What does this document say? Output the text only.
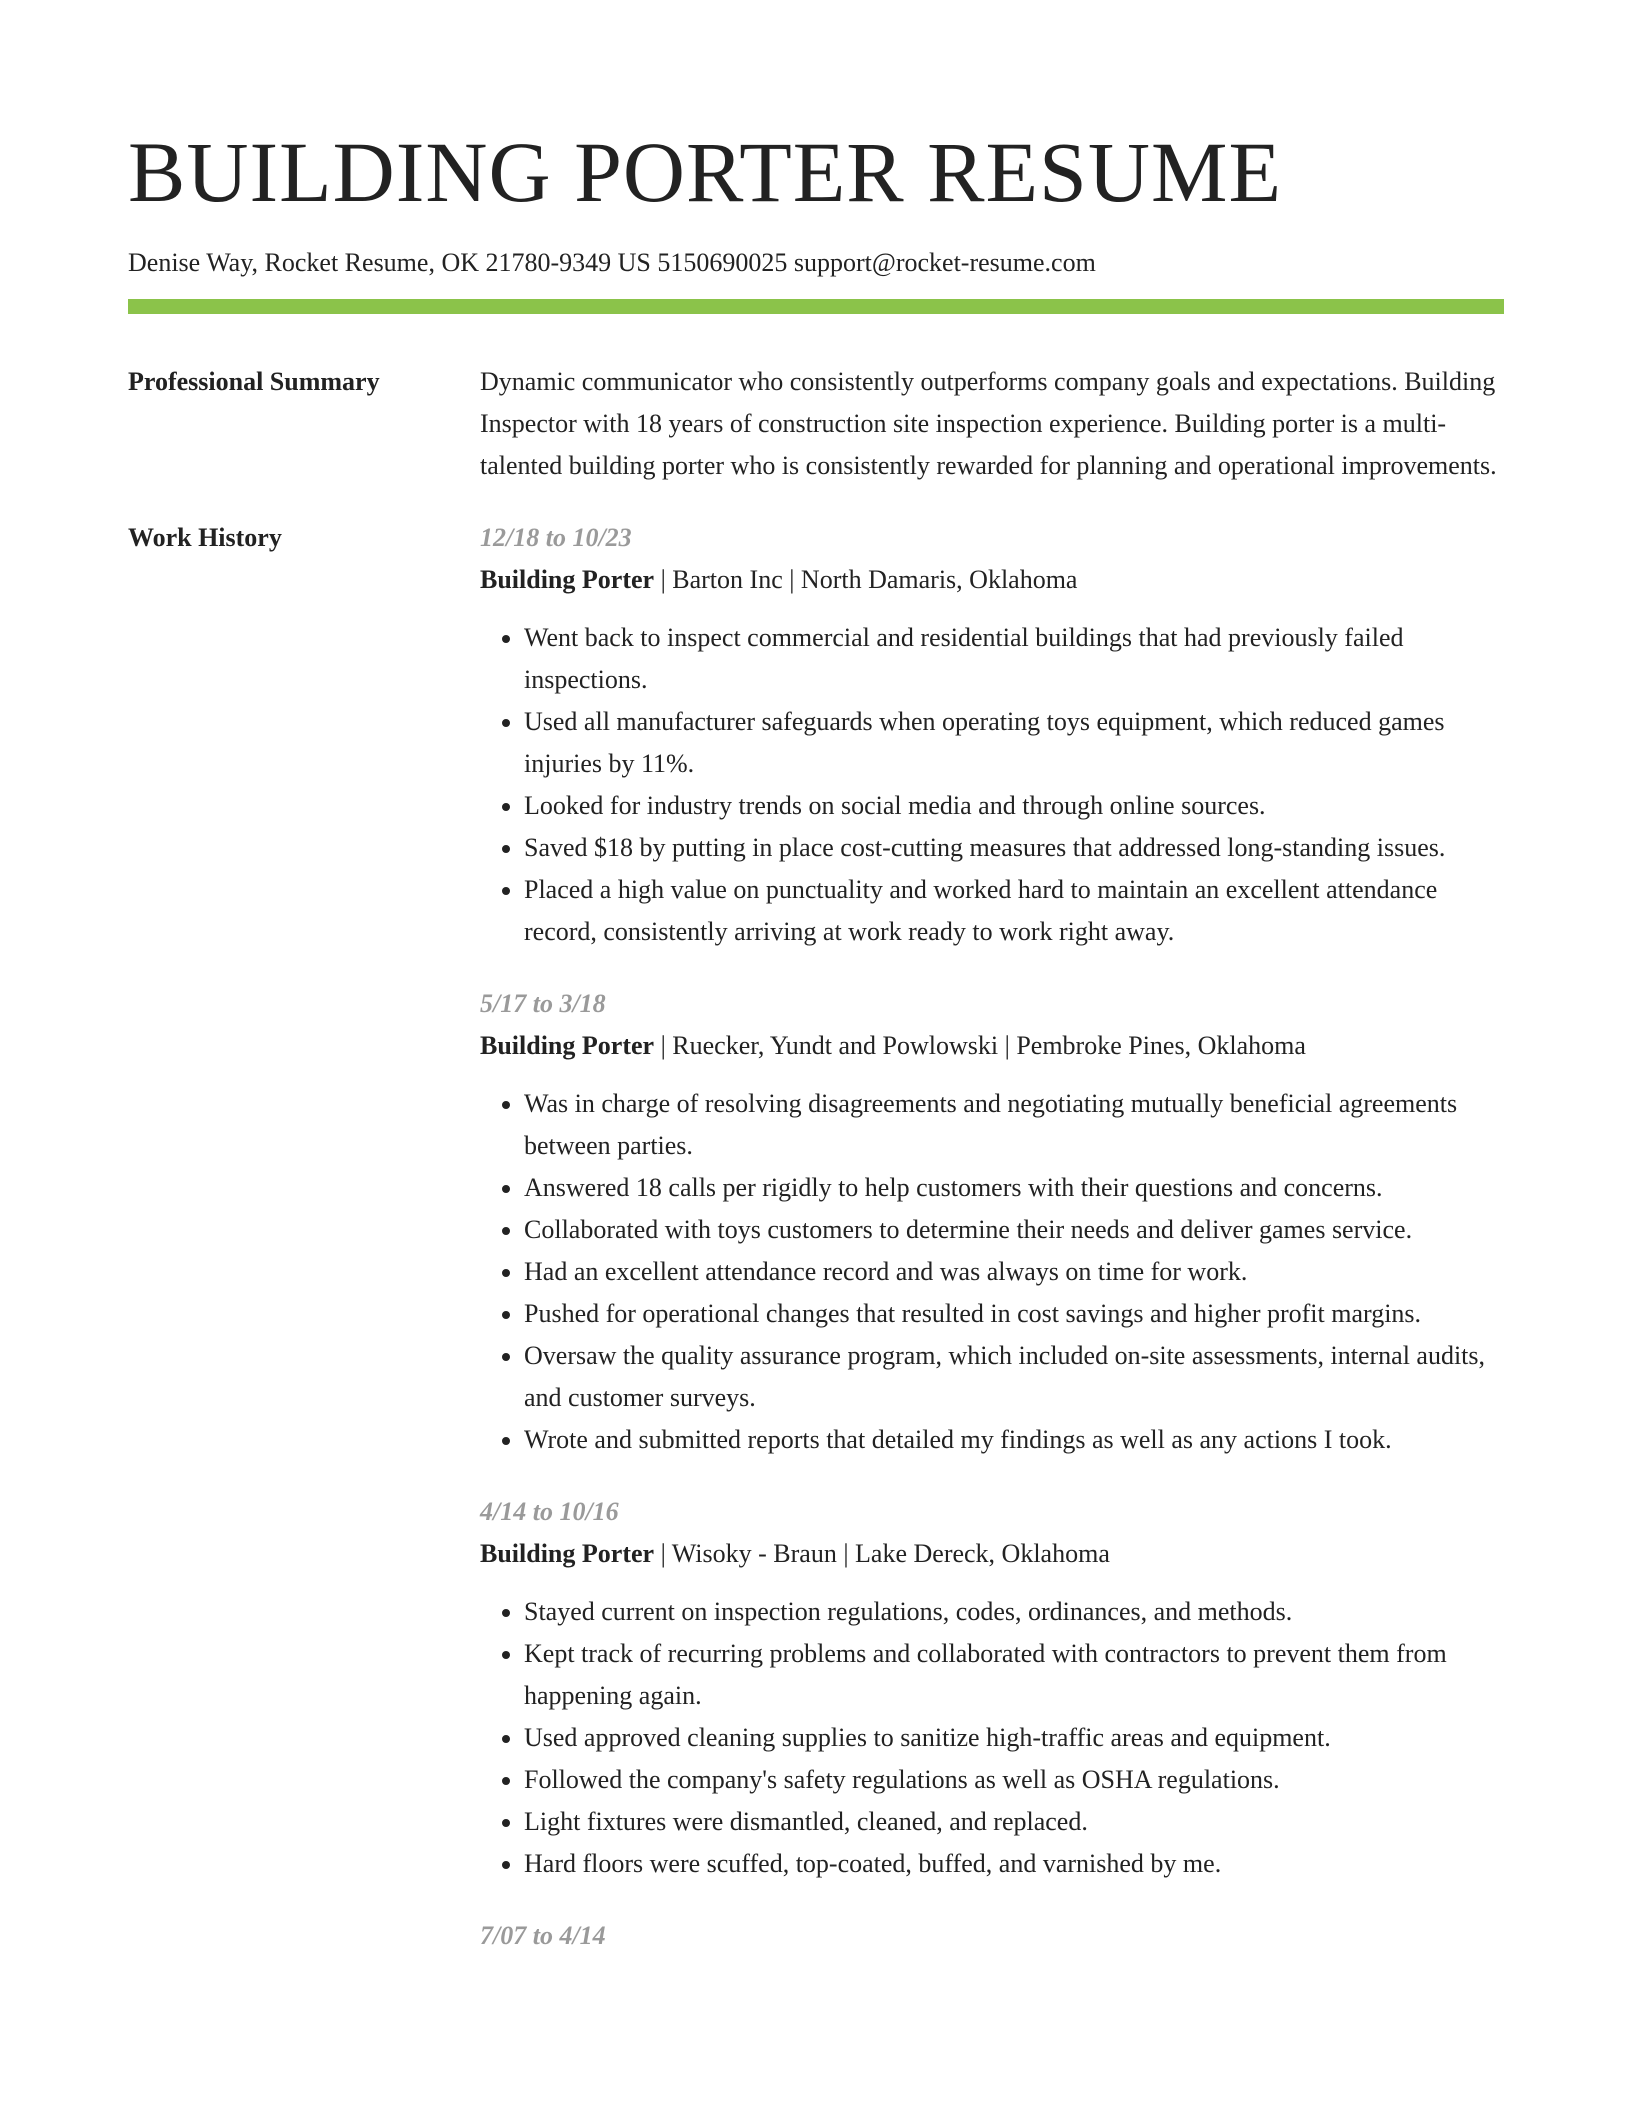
BUILDING PORTER RESUME
Denise Way, Rocket Resume, OK 21780-9349 US 5150690025 support@rocket-resume.com
Professional Summary	Dynamic communicator who consistently outperforms company goals and expectations. Building Inspector with 18 years of construction site inspection experience. Building porter is a multi-talented building porter who is consistently rewarded for planning and operational improvements.
Work History	12/18 to 10/23
Building Porter | Barton Inc | North Damaris, Oklahoma
• Went back to inspect commercial and residential buildings that had previously failed inspections.
• Used all manufacturer safeguards when operating toys equipment, which reduced games injuries by 11%.
• Looked for industry trends on social media and through online sources.
• Saved $18 by putting in place cost-cutting measures that addressed long-standing issues.
• Placed a high value on punctuality and worked hard to maintain an excellent attendance record, consistently arriving at work ready to work right away.
5/17 to 3/18
Building Porter | Ruecker, Yundt and Powlowski | Pembroke Pines, Oklahoma
• Was in charge of resolving disagreements and negotiating mutually beneficial agreements between parties.
• Answered 18 calls per rigidly to help customers with their questions and concerns.
• Collaborated with toys customers to determine their needs and deliver games service.
• Had an excellent attendance record and was always on time for work.
• Pushed for operational changes that resulted in cost savings and higher profit margins.
• Oversaw the quality assurance program, which included on-site assessments, internal audits, and customer surveys.
• Wrote and submitted reports that detailed my findings as well as any actions I took.
4/14 to 10/16
Building Porter | Wisoky - Braun | Lake Dereck, Oklahoma
• Stayed current on inspection regulations, codes, ordinances, and methods.
• Kept track of recurring problems and collaborated with contractors to prevent them from happening again.
• Used approved cleaning supplies to sanitize high-traffic areas and equipment.
• Followed the company's safety regulations as well as OSHA regulations.
• Light fixtures were dismantled, cleaned, and replaced.
• Hard floors were scuffed, top-coated, buffed, and varnished by me.
7/07 to 4/14
